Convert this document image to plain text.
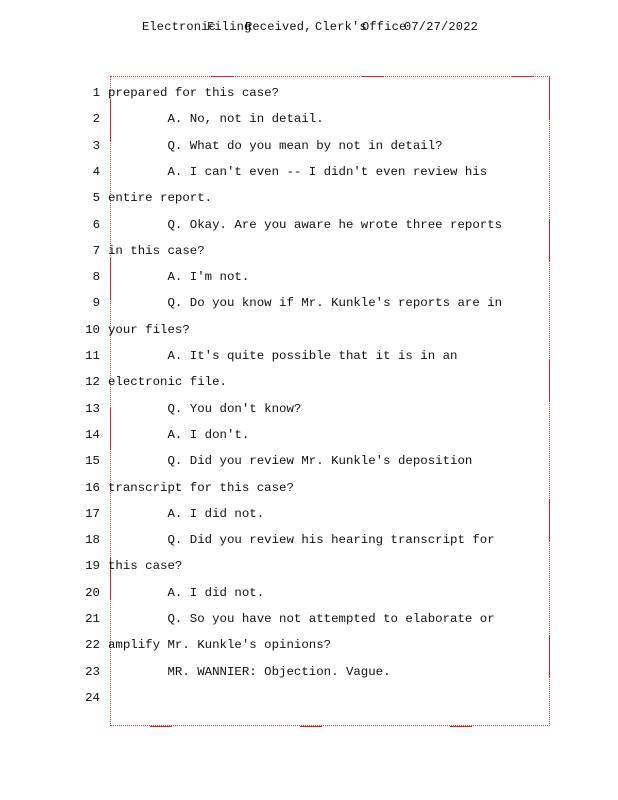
Electronic
Filing
Received, Clerk's
Office
07/27/2022
1 prepared for this case?
2 A. No, not in detail.
3 Q. What do you mean by not in detail?
4 A. I can't even -- I didn't even review his
5 entire report.
6 Q. Okay. Are you aware he wrote three reports
7 in this case?
8 A. I'm not.
9 Q. Do you know if Mr. Kunkle's reports are in
10 your files?
11 A. It's quite possible that it is in an
12 electronic file.
13 Q. You don't know?
14 A. I don't.
15 Q. Did you review Mr. Kunkle's deposition
16 transcript for this case?
17 A. I did not.
18 Q. Did you review his hearing transcript for
19 this case?
20 A. I did not.
21 Q. So you have not attempted to elaborate or
22 amplify Mr. Kunkle's opinions?
23 MR. WANNIER: Objection. Vague.
24
